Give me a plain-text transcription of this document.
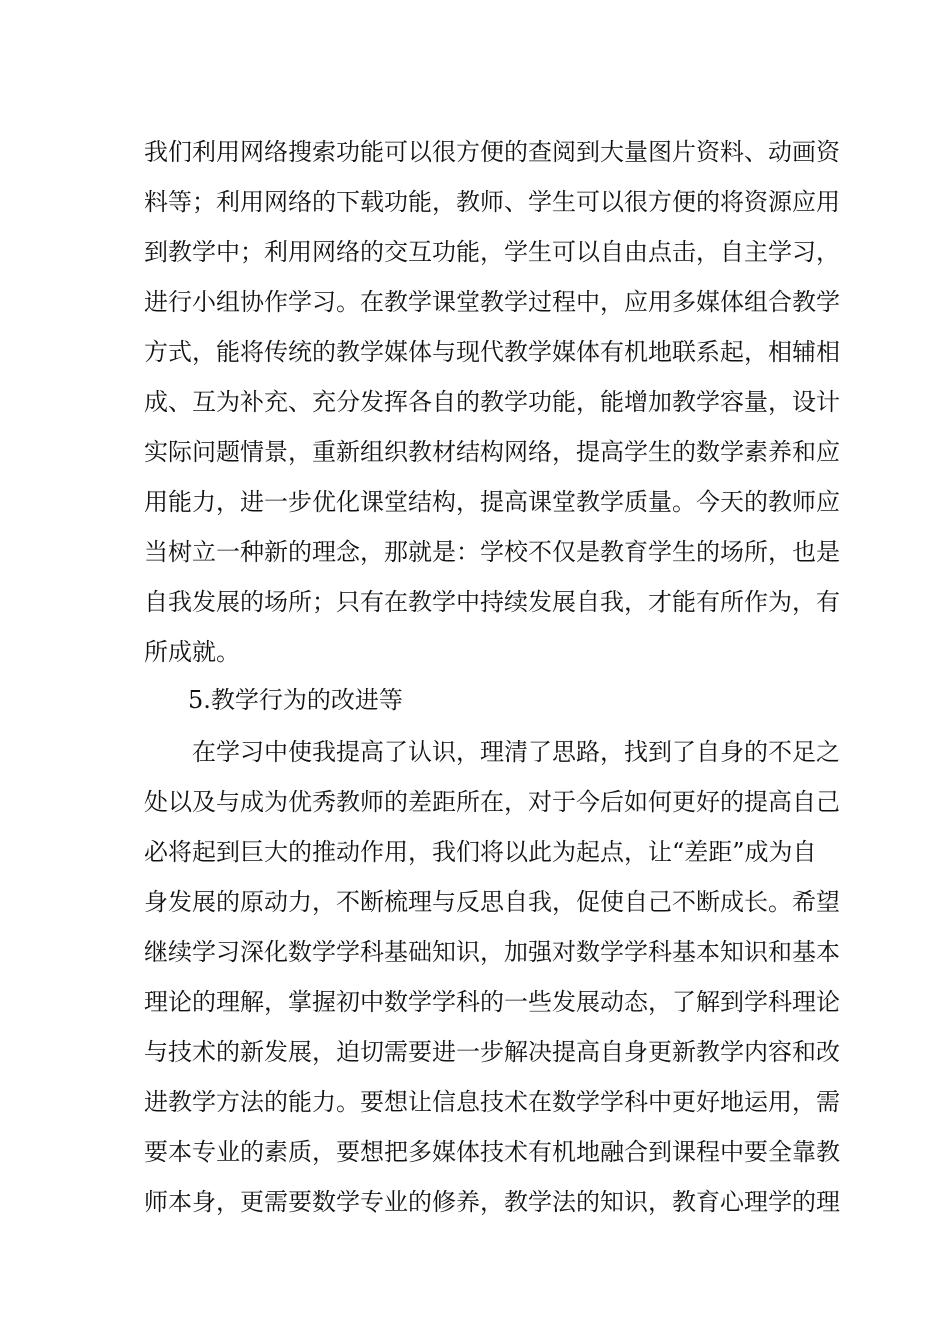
我们利用网络搜索功能可以很方便的查阅到大量图片资料、动画资
料等；利用网络的下载功能，教师、学生可以很方便的将资源应用
到教学中；利用网络的交互功能，学生可以自由点击，自主学习，
进行小组协作学习。在教学课堂教学过程中，应用多媒体组合教学
方式，能将传统的教学媒体与现代教学媒体有机地联系起，相辅相
成、互为补充、充分发挥各自的教学功能，能增加教学容量，设计
实际问题情景，重新组织教材结构网络，提高学生的数学素养和应
用能力，进一步优化课堂结构，提高课堂教学质量。今天的教师应
当树立一种新的理念，那就是：学校不仅是教育学生的场所，也是
自我发展的场所；只有在教学中持续发展自我，才能有所作为，有
所成就。
5.教学行为的改进等
在学习中使我提高了认识，理清了思路，找到了自身的不足之
处以及与成为优秀教师的差距所在，对于今后如何更好的提高自己
必将起到巨大的推动作用，我们将以此为起点，让“差距”成为自
身发展的原动力，不断梳理与反思自我，促使自己不断成长。希望
继续学习深化数学学科基础知识，加强对数学学科基本知识和基本
理论的理解，掌握初中数学学科的一些发展动态，了解到学科理论
与技术的新发展，迫切需要进一步解决提高自身更新教学内容和改
进教学方法的能力。要想让信息技术在数学学科中更好地运用，需
要本专业的素质，要想把多媒体技术有机地融合到课程中要全靠教
师本身，更需要数学专业的修养，教学法的知识，教育心理学的理
